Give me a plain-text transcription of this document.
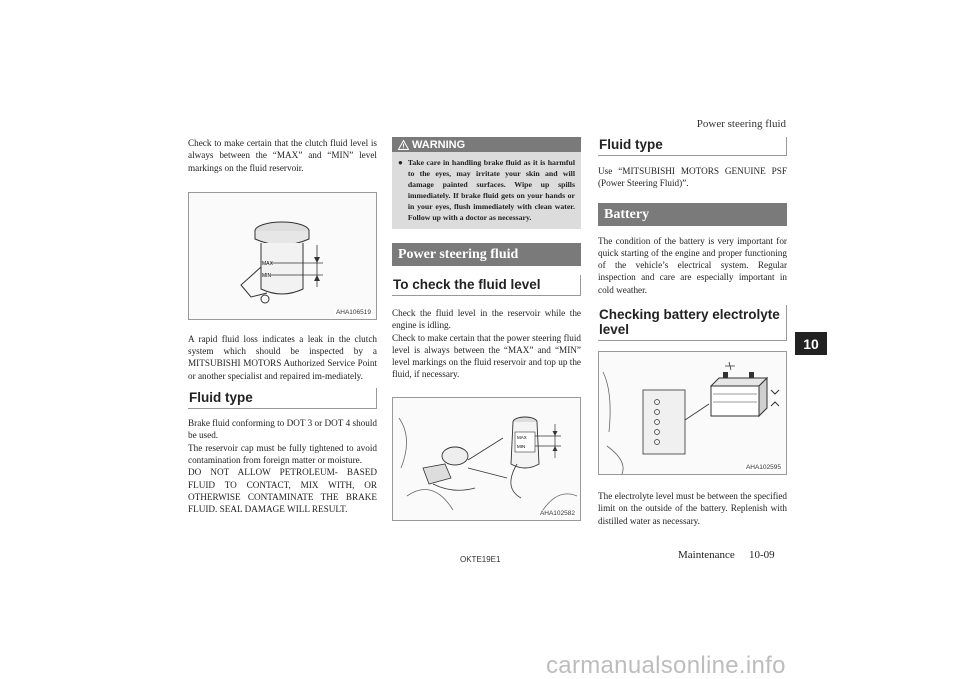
Power steering fluid

Check to make certain that the clutch fluid level is always between the “MAX” and “MIN” level markings on the fluid reservoir.

MAX
MIN
AHA106519

A rapid fluid loss indicates a leak in the clutch system which should be inspected by a MITSUBISHI MOTORS Authorized Service Point or another specialist and repaired im-mediately.

Fluid type

Brake fluid conforming to DOT 3 or DOT 4 should be used.

The reservoir cap must be fully tightened to avoid contamination from foreign matter or moisture.

DO NOT ALLOW PETROLEUM- BASED FLUID TO CONTACT, MIX WITH, OR OTHERWISE CONTAMINATE THE BRAKE FLUID. SEAL DAMAGE WILL RESULT.

WARNING
● Take care in handling brake fluid as it is harmful to the eyes, may irritate your skin and will damage painted surfaces. Wipe up spills immediately. If brake fluid gets on your hands or in your eyes, flush immediately with clean water. Follow up with a doctor as necessary.
Power steering fluid
To check the fluid level

Check the fluid level in the reservoir while the engine is idling.

Check to make certain that the power steering fluid level is always between the “MAX” and “MIN” level markings on the fluid reservoir and top up the fluid, if necessary.

MAX
MIN
AHA102582
Fluid type

Use “MITSUBISHI MOTORS GENUINE PSF (Power Steering Fluid)”.

Battery

The condition of the battery is very important for quick starting of the engine and proper functioning of the vehicle’s electrical system. Regular inspection and care are especially important in cold weather.

Checking battery electrolyte level
AHA102595

The electrolyte level must be between the specified limit on the outside of the battery. Replenish with distilled water as necessary.

10
OKTE19E1	Maintenance 10-09
carmanualsonline.info
